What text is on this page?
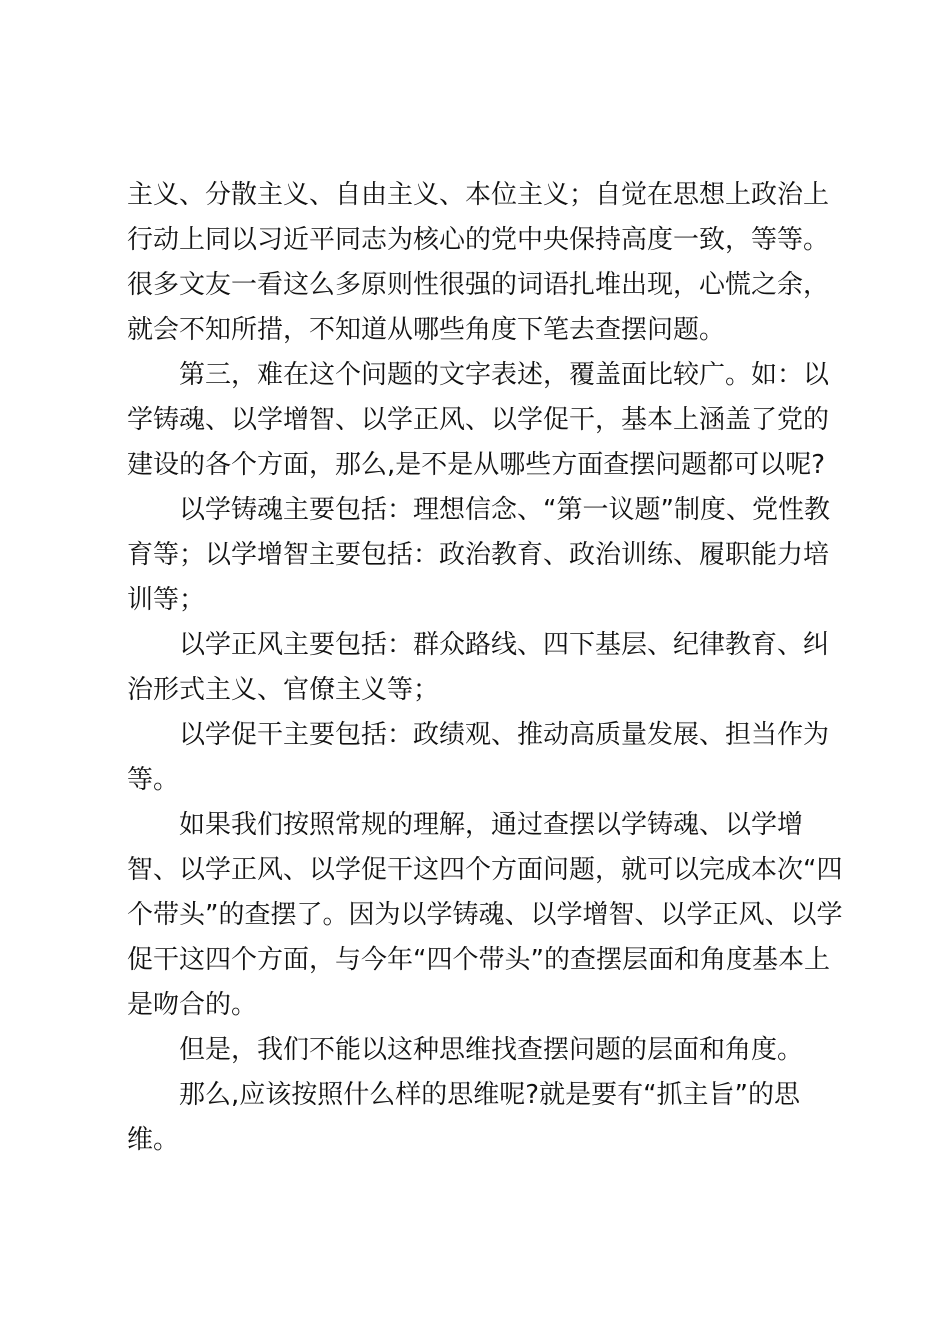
主义、分散主义、自由主义、本位主义；自觉在思想上政治上
行动上同以习近平同志为核心的党中央保持高度一致，等等。
很多文友一看这么多原则性很强的词语扎堆出现，心慌之余，
就会不知所措，不知道从哪些角度下笔去查摆问题。
第三，难在这个问题的文字表述，覆盖面比较广。如：以
学铸魂、以学增智、以学正风、以学促干，基本上涵盖了党的
建设的各个方面，那么,是不是从哪些方面查摆问题都可以呢?
以学铸魂主要包括：理想信念、“第一议题”制度、党性教
育等；以学增智主要包括：政治教育、政治训练、履职能力培
训等；
以学正风主要包括：群众路线、四下基层、纪律教育、纠
治形式主义、官僚主义等；
以学促干主要包括：政绩观、推动高质量发展、担当作为
等。
如果我们按照常规的理解，通过查摆以学铸魂、以学增
智、以学正风、以学促干这四个方面问题，就可以完成本次“四
个带头”的查摆了。因为以学铸魂、以学增智、以学正风、以学
促干这四个方面，与今年“四个带头”的查摆层面和角度基本上
是吻合的。
但是，我们不能以这种思维找查摆问题的层面和角度。
那么,应该按照什么样的思维呢?就是要有“抓主旨”的思
维。
